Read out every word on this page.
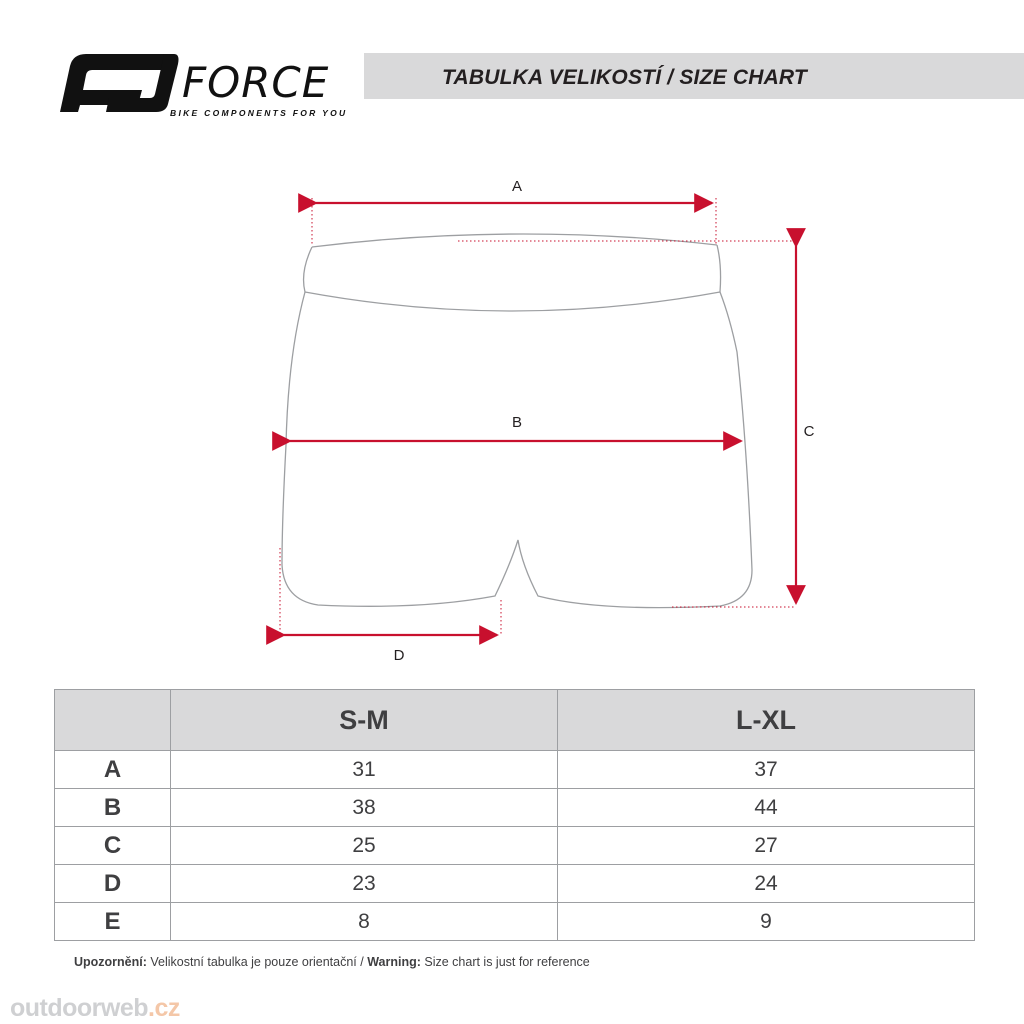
TABULKA VELIKOSTÍ / SIZE CHART
FORCE
BIKE COMPONENTS FOR YOU
A
B
C
D
	S-M	L-XL
A	31	37
B	38	44
C	25	27
D	23	24
E	8	9
Upozornění: Velikostní tabulka je pouze orientační / Warning: Size chart is just for reference
outdoorweb.cz
